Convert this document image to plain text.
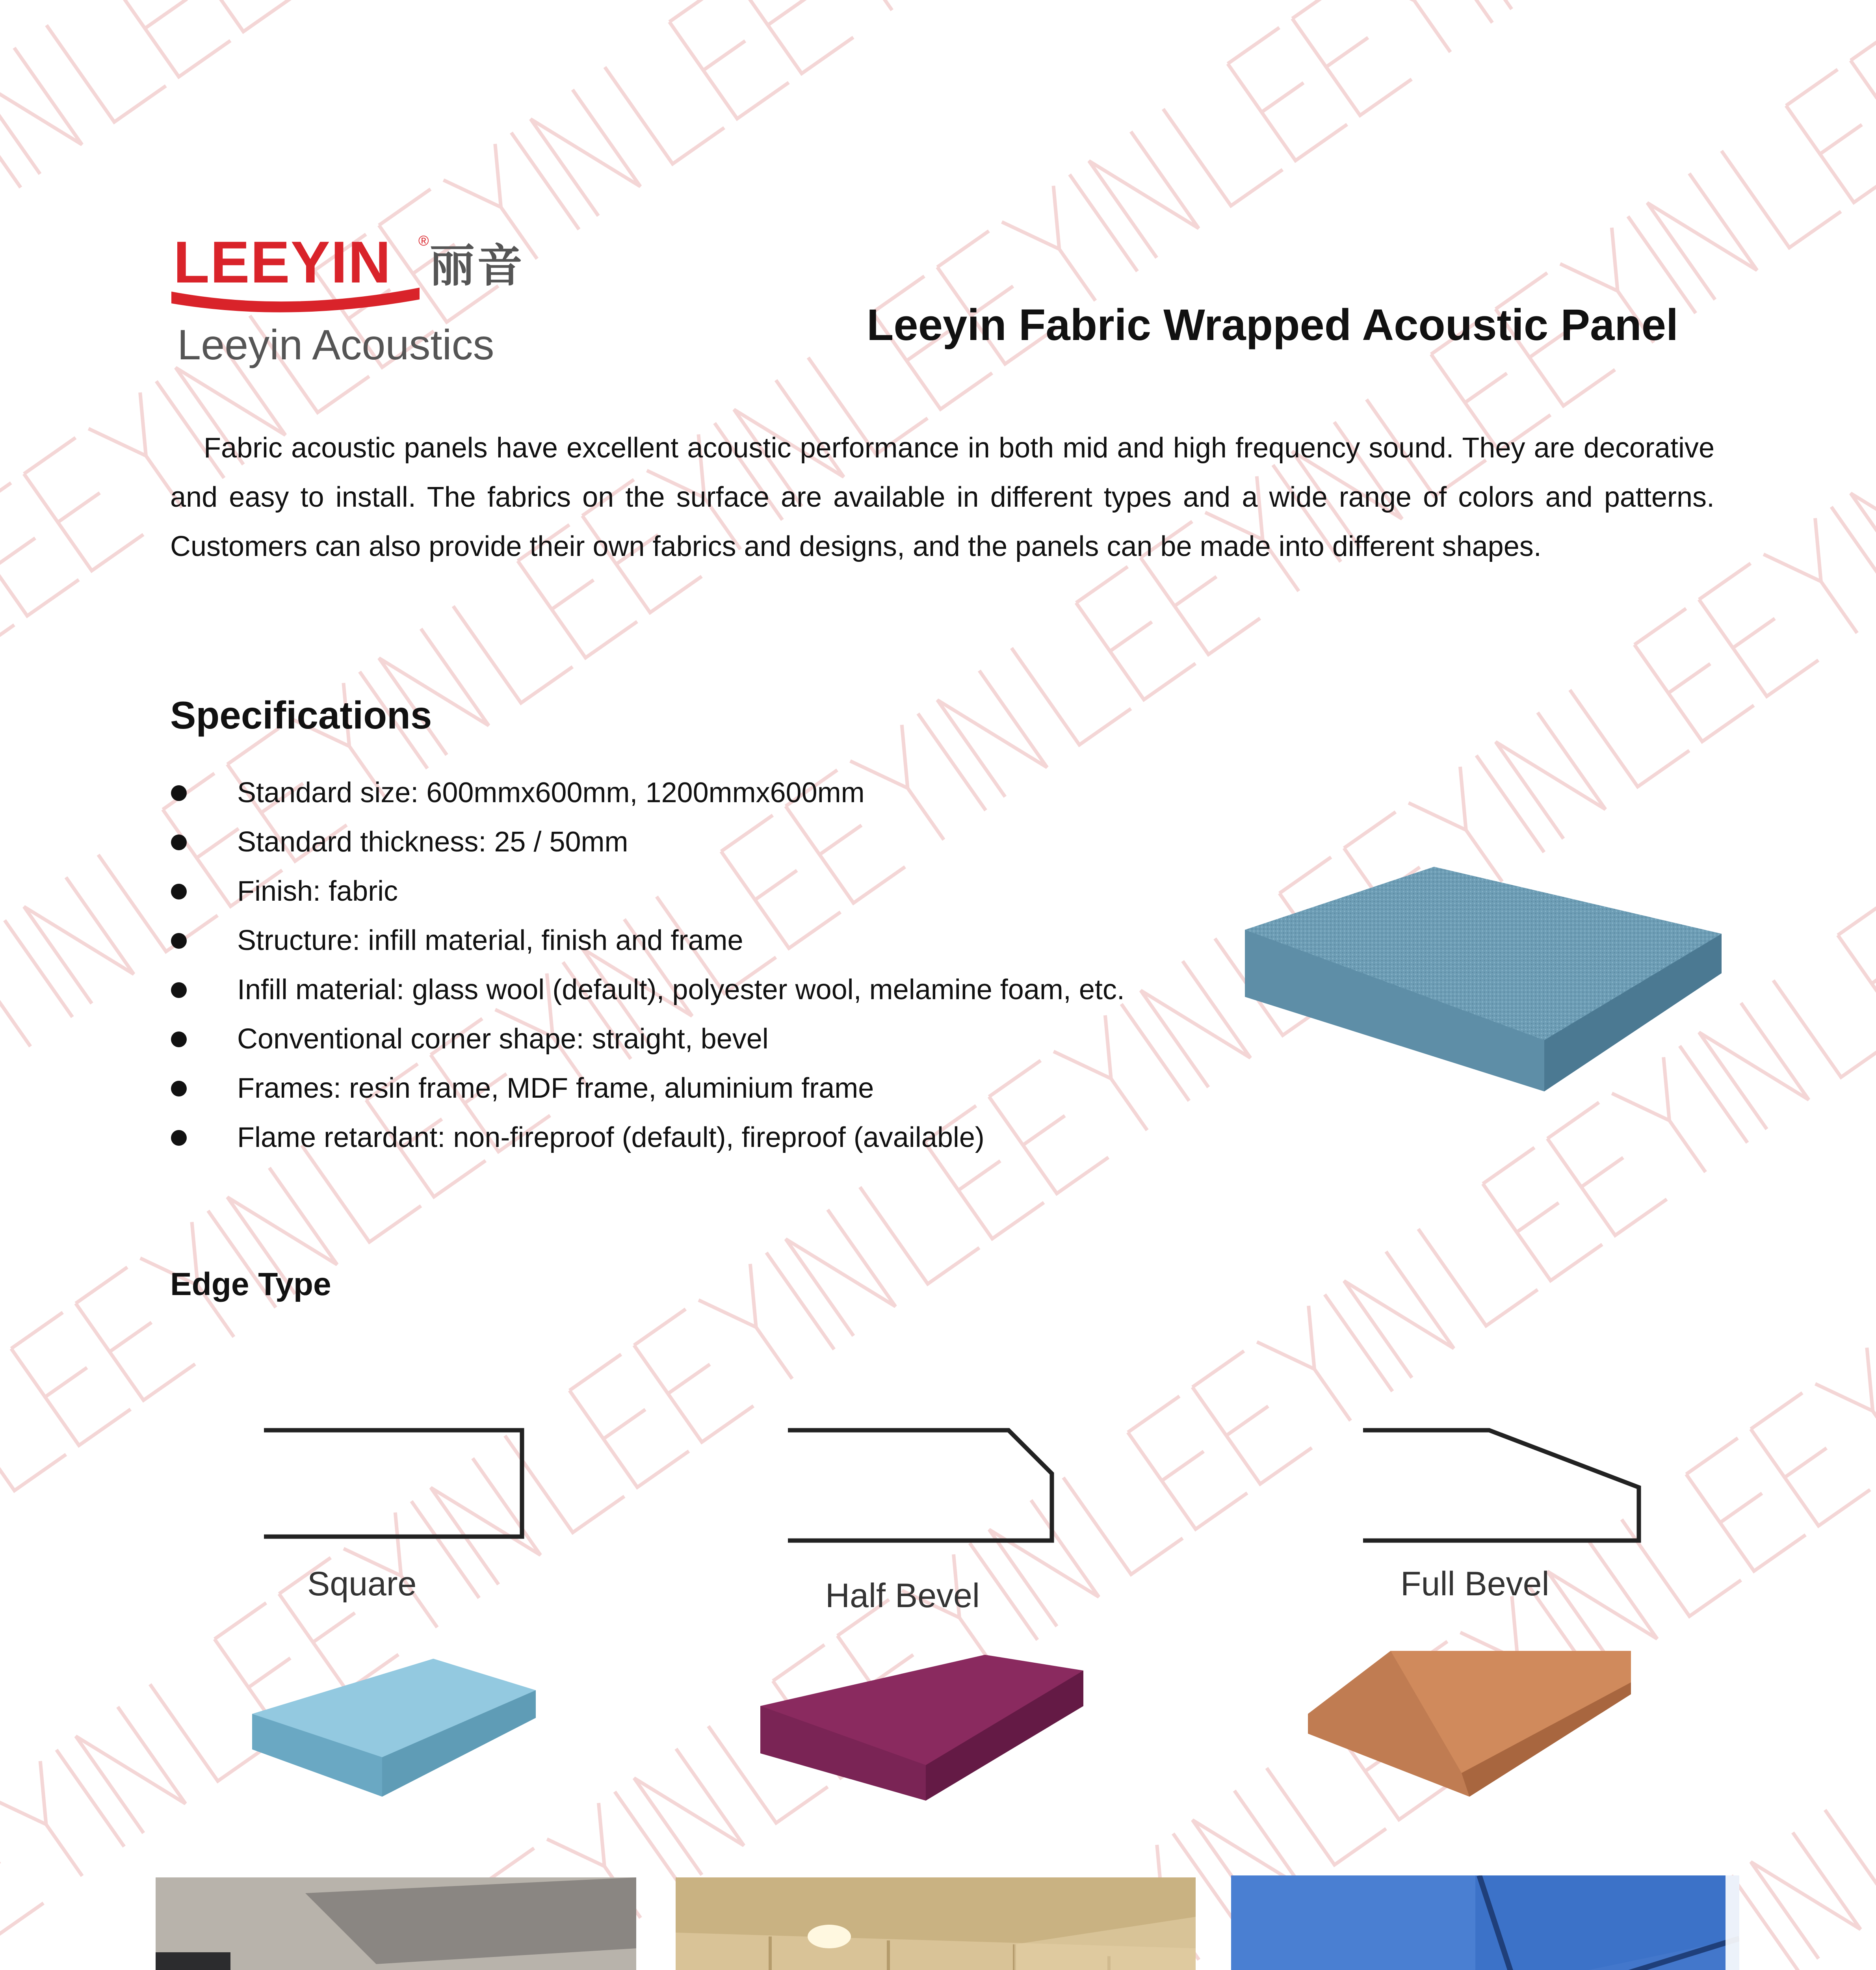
LEEYIN ® 丽音
Leeyin Acoustics	Leeyin Fabric Wrapped Acoustic Panel

Fabric acoustic panels have excellent acoustic performance in both mid and high frequency sound. They are decorative and easy to install. The fabrics on the surface are available in different types and a wide range of colors and patterns. Customers can also provide their own fabrics and designs, and the panels can be made into different shapes.

Specifications
Standard size: 600mmx600mm, 1200mmx600mm
Standard thickness: 25 / 50mm
Finish: fabric
Structure: infill material, finish and frame
Infill material: glass wool (default), polyester wool, melamine foam, etc.
Conventional corner shape: straight, bevel
Frames: resin frame, MDF frame, aluminium frame
Flame retardant: non-fireproof (default), fireproof (available)
Edge Type
Square	Half Bevel	Full Bevel
